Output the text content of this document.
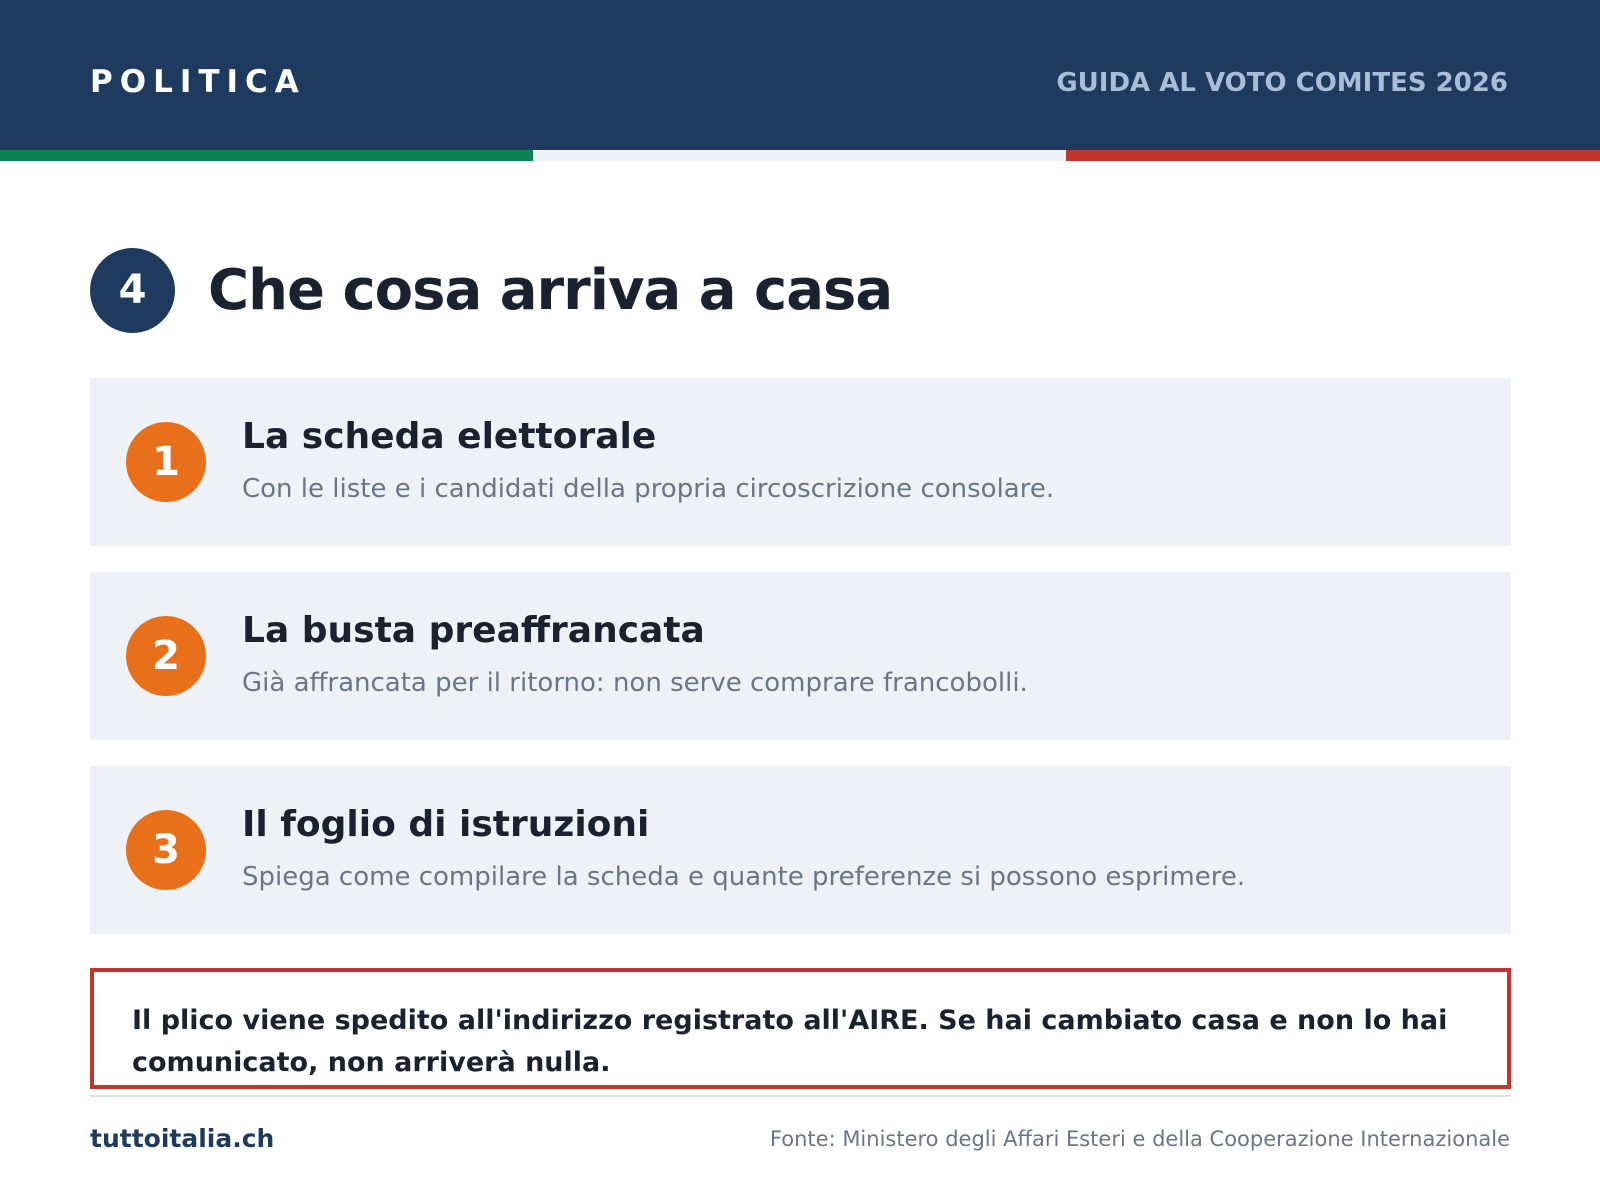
POLITICA	GUIDA AL VOTO COMITES 2026
4	Che cosa arriva a casa
1
La scheda elettorale
Con le liste e i candidati della propria circoscrizione consolare.
2
La busta preaffrancata
Già affrancata per il ritorno: non serve comprare francobolli.
3
Il foglio di istruzioni
Spiega come compilare la scheda e quante preferenze si possono esprimere.
Il plico viene spedito all'indirizzo registrato all'AIRE. Se hai cambiato casa e non lo hai comunicato, non arriverà nulla.
tuttoitalia.ch	Fonte: Ministero degli Affari Esteri e della Cooperazione Internazionale
